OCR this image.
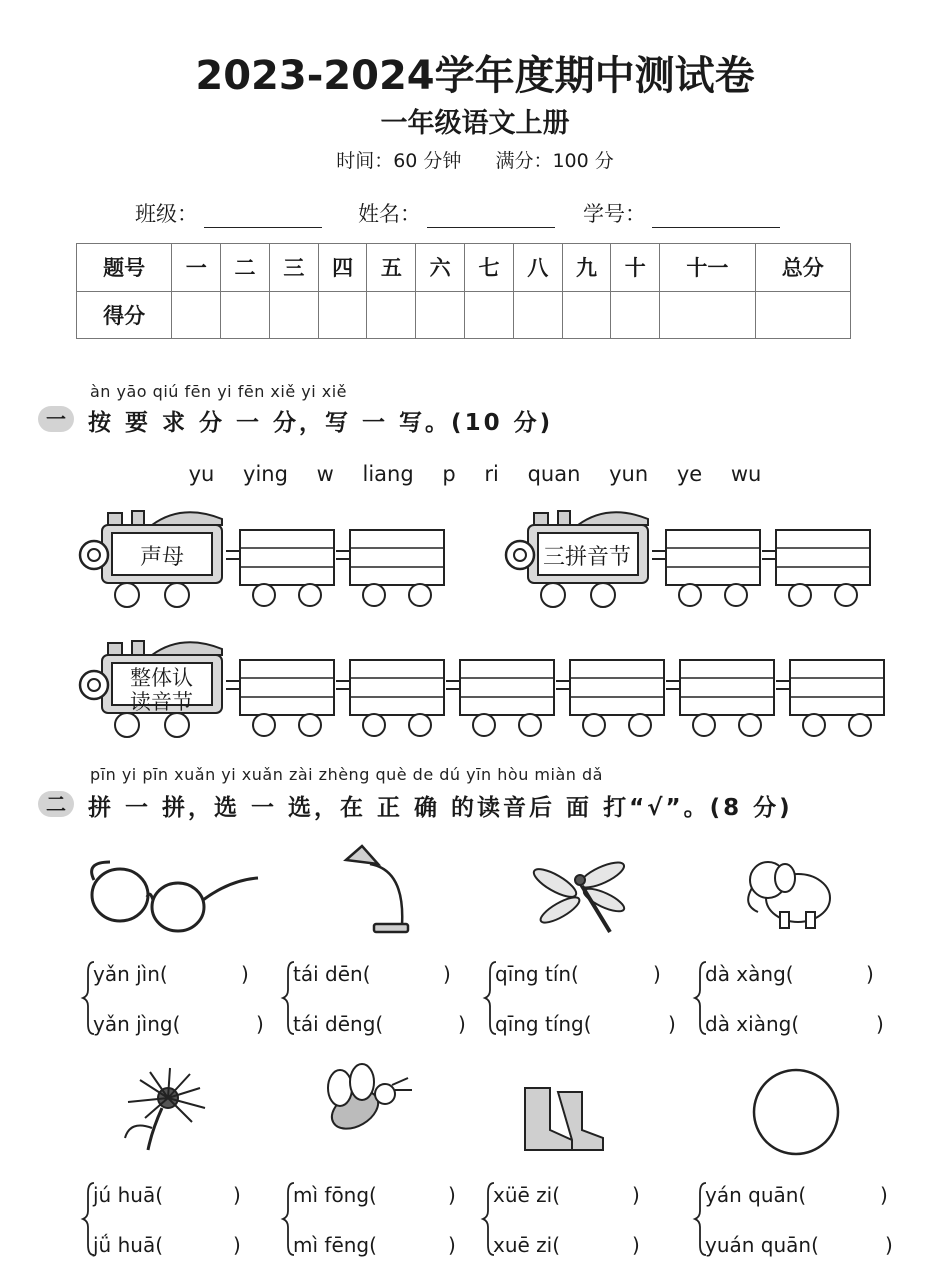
2023-2024学年度期中测试卷
一年级语文上册
时间：60 分钟 满分：100 分
班级：	姓名：	学号：
题号	一	二	三	四	五	六	七	八	九	十	十一	总分
得分												
àn yāo qiú fēn yi fēn xiě yi xiě
一 按 要 求 分 一 分，写 一 写。(10 分)
yu ying w liang p ri quan yun ye wu
声母	三拼音节
整体认
读音节
pīn yi pīn xuǎn yi xuǎn zài zhèng què de dú yīn hòu miàn dǎ
二 拼 一 拼，选 一 选，在 正 确 的读音后 面 打“√”。(8 分)
yǎn jìn(	)
yǎn jìng(	)
tái dēn(	)
tái dēng(	)
qīng tín(	)
qīng tíng(	)
dà xàng(	)
dà xiàng(	)
jú huā(	)
jǘ huā(	)
mì fōng(	)
mì fēng(	)
xüē zi(	)
xuē zi(	)
yán quān(	)
yuán quān(	)
